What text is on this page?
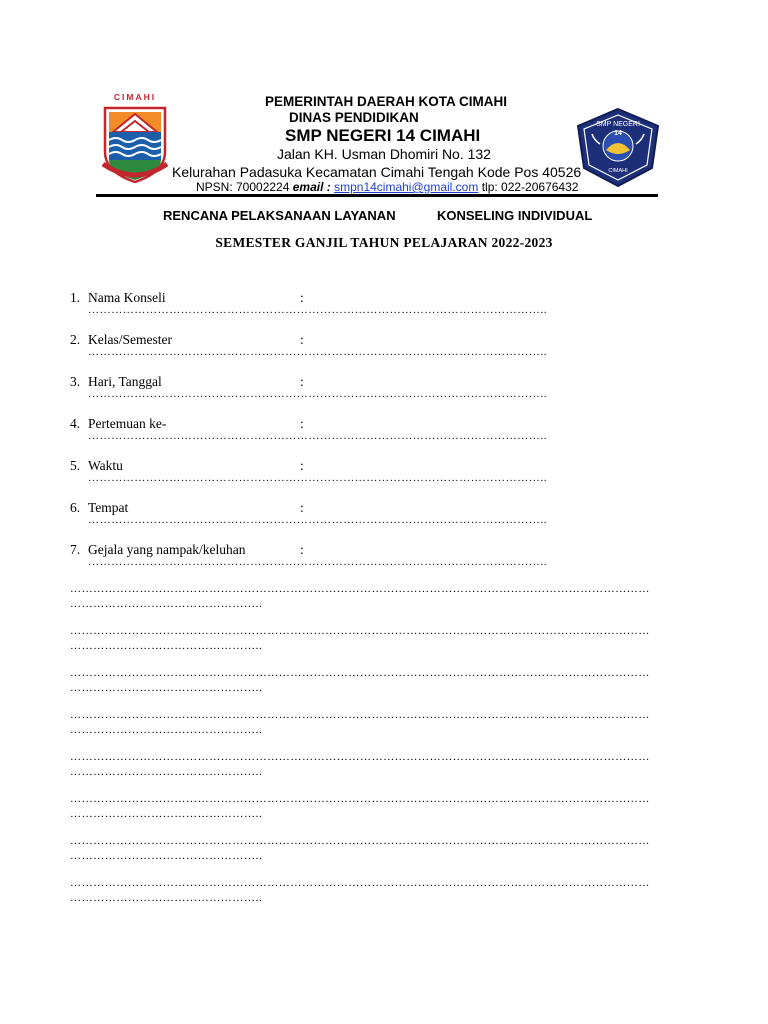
CIMAHI	PEMERINTAH DAERAH KOTA CIMAHI
DINAS PENDIDIKAN
SMP NEGERI 14 CIMAHI
Jalan KH. Usman Dhomiri No. 132
Kelurahan Padasuka Kecamatan Cimahi Tengah Kode Pos 40526
NPSN: 70002224 email : smpn14cimahi@gmail.com tlp: 022-20676432
SMP NEGERI
14
CIMAHI
RENCANA PELAKSANAAN LAYANAN	KONSELING INDIVIDUAL
SEMESTER GANJIL TAHUN PELAJARAN 2022-2023
1. Nama Konseli	:
………………………………………………………………………………………………………..
2. Kelas/Semester	:
………………………………………………………………………………………………………..
3. Hari, Tanggal	:
………………………………………………………………………………………………………..
4. Pertemuan ke-	:
………………………………………………………………………………………………………..
5. Waktu	:
………………………………………………………………………………………………………..
6. Tempat	:
………………………………………………………………………………………………………..
7. Gejala yang nampak/keluhan	:
………………………………………………………………………………………………………..
……………………………………………………………………………………………………………………………………
…………………………………………..
……………………………………………………………………………………………………………………………………
…………………………………………..
……………………………………………………………………………………………………………………………………
…………………………………………..
……………………………………………………………………………………………………………………………………
…………………………………………..
……………………………………………………………………………………………………………………………………
…………………………………………..
……………………………………………………………………………………………………………………………………
…………………………………………..
……………………………………………………………………………………………………………………………………
…………………………………………..
……………………………………………………………………………………………………………………………………
…………………………………………..
